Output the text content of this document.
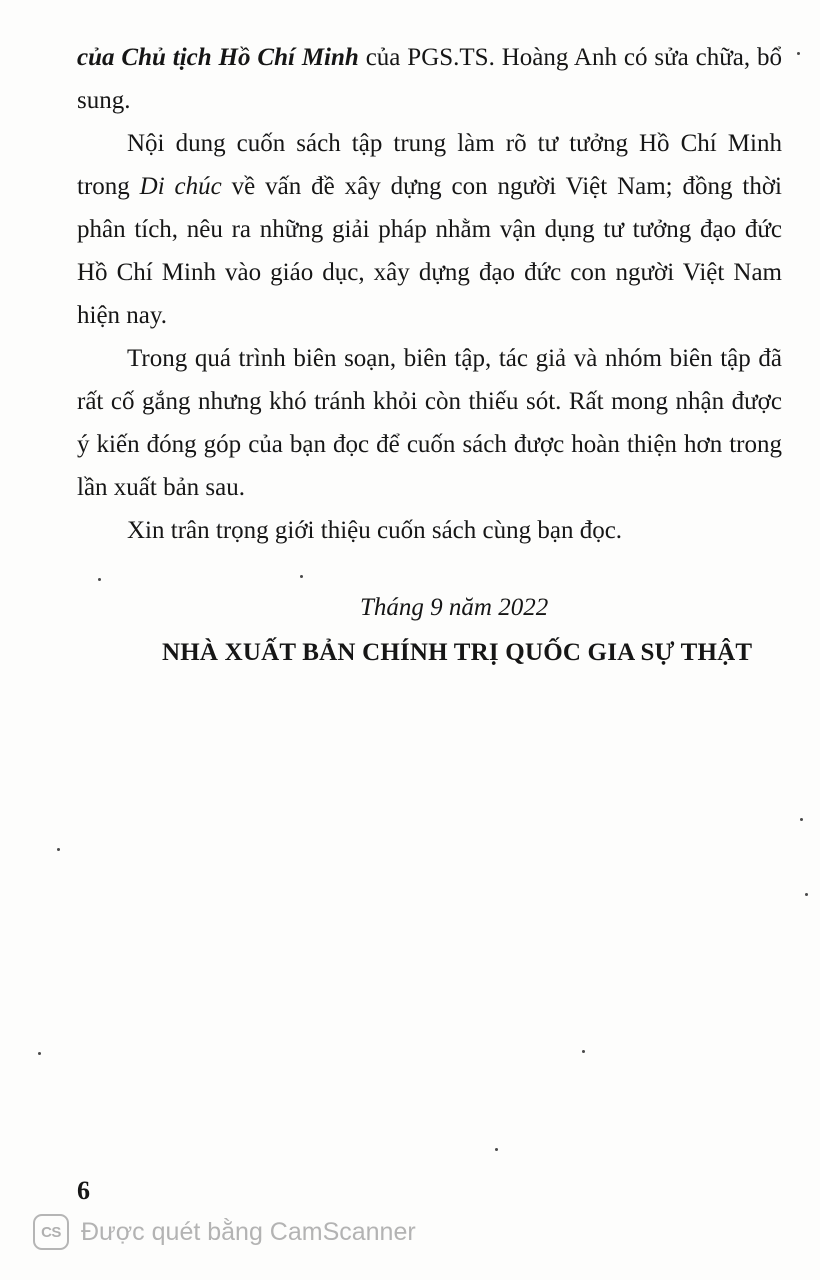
của Chủ tịch Hồ Chí Minh của PGS.TS. Hoàng Anh có sửa chữa, bổ sung.

Nội dung cuốn sách tập trung làm rõ tư tưởng Hồ Chí Minh trong Di chúc về vấn đề xây dựng con người Việt Nam; đồng thời phân tích, nêu ra những giải pháp nhằm vận dụng tư tưởng đạo đức Hồ Chí Minh vào giáo dục, xây dựng đạo đức con người Việt Nam hiện nay.

Trong quá trình biên soạn, biên tập, tác giả và nhóm biên tập đã rất cố gắng nhưng khó tránh khỏi còn thiếu sót. Rất mong nhận được ý kiến đóng góp của bạn đọc để cuốn sách được hoàn thiện hơn trong lần xuất bản sau.

Xin trân trọng giới thiệu cuốn sách cùng bạn đọc.

Tháng 9 năm 2022
NHÀ XUẤT BẢN CHÍNH TRỊ QUỐC GIA SỰ THẬT
6
CS Được quét bằng CamScanner
